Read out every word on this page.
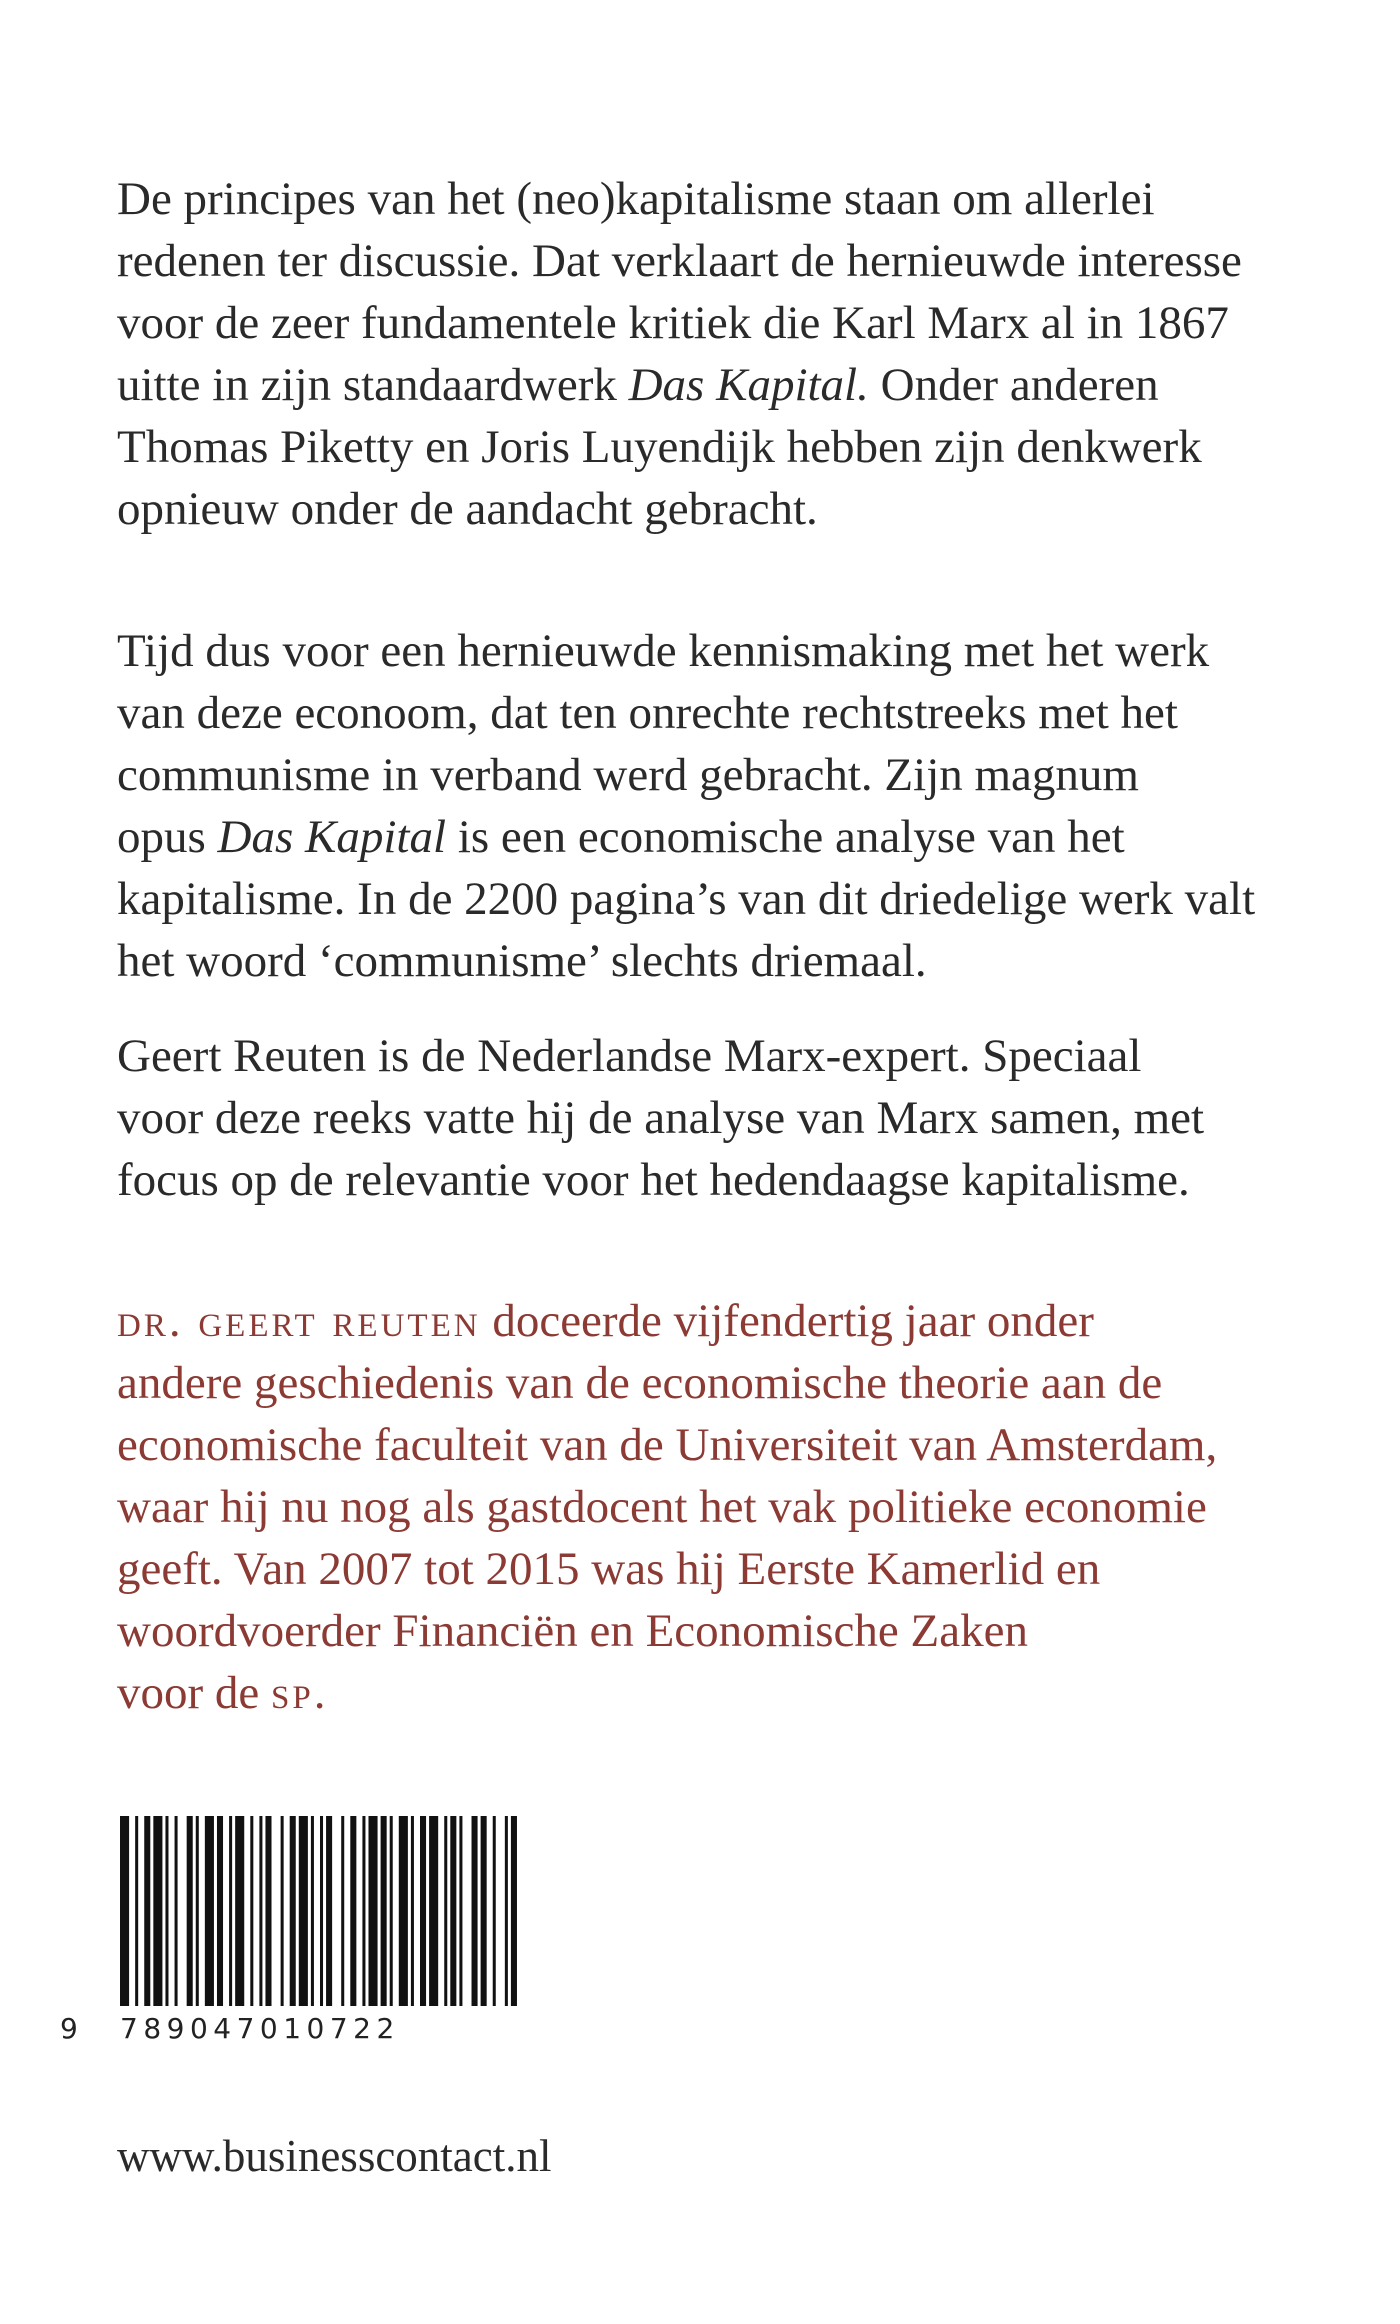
De principes van het (neo)kapitalisme staan om allerlei
redenen ter discussie. Dat verklaart de hernieuwde interesse
voor de zeer fundamentele kritiek die Karl Marx al in 1867
uitte in zijn standaardwerk Das Kapital. Onder anderen
Thomas Piketty en Joris Luyendijk hebben zijn denkwerk
opnieuw onder de aandacht gebracht.
Tijd dus voor een hernieuwde kennismaking met het werk
van deze econoom, dat ten onrechte rechtstreeks met het
communisme in verband werd gebracht. Zijn magnum
opus Das Kapital is een economische analyse van het
kapitalisme. In de 2200 pagina’s van dit driedelige werk valt
het woord ‘communisme’ slechts driemaal.
Geert Reuten is de Nederlandse Marx-expert. Speciaal
voor deze reeks vatte hij de analyse van Marx samen, met
focus op de relevantie voor het hedendaagse kapitalisme.
dr. geert reuten doceerde vijfendertig jaar onder
andere geschiedenis van de economische theorie aan de
economische faculteit van de Universiteit van Amsterdam,
waar hij nu nog als gastdocent het vak politieke economie
geeft. Van 2007 tot 2015 was hij Eerste Kamerlid en
woordvoerder Financiën en Economische Zaken
voor de sp.
9 789047010722
www.businesscontact.nl
